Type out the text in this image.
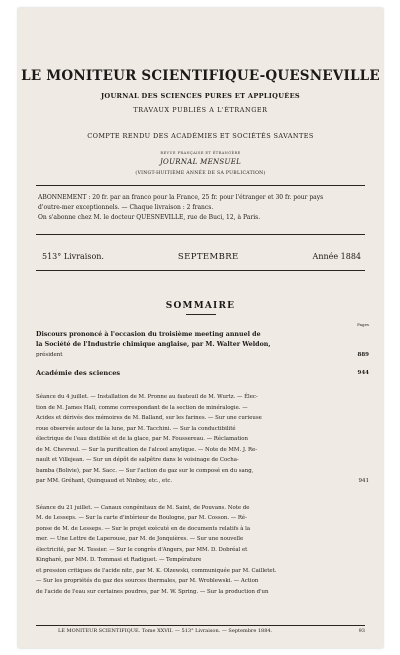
LE MONITEUR SCIENTIFIQUE-QUESNEVILLE
JOURNAL DES SCIENCES PURES ET APPLIQUÉES
TRAVAUX PUBLIÉS A L'ÉTRANGER
COMPTE RENDU DES ACADÉMIES ET SOCIÉTÉS SAVANTES
REVUE FRANÇAISE ET ÉTRANGÈRE
JOURNAL MENSUEL
(VINGT-HUITIÈME ANNÉE DE SA PUBLICATION)

ABONNEMENT : 20 fr. par an franco pour la France, 25 fr. pour l'étranger et 30 fr. pour pays

d'outre-mer exceptionnels. — Chaque livraison : 2 francs.

On s'abonne chez M. le docteur QUESNEVILLE, rue de Buci, 12, à Paris.

513° Livraison.	SEPTEMBRE	Année 1884
SOMMAIRE
Pages

Discours prononcé à l'occasion du troisième meeting annuel de

la Société de l'Industrie chimique anglaise, par M. Walter Weldon,

président	889

Académie des sciences	944

Séance du 4 juillet. — Installation de M. Pronne au fauteuil de M. Wurtz. — Élec-

tion de M. James Hall, comme correspondant de la section de minéralogie. —

Acides et dérivés des mémoires de M. Balland, sur les farines. — Sur une curieuse

roue observée autour de la lune, par M. Tacchini. — Sur la conductibilité

électrique de l'eau distillée et de la glace, par M. Foussereau. — Réclamation

de M. Chevreul. — Sur la purification de l'alcool amylique. — Note de MM. J. Re-

nault et Villejean. — Sur un dépôt de salpêtre dans le voisinage de Cocha-

bamba (Bolivie), par M. Sacc. — Sur l'action du gaz sur le composé en du sang,

par MM. Gréhant, Quinquaud et Ninboy, etc., etc.	941

Séance du 21 juillet. — Canaux congénitaux de M. Saint, de Pouvans. Note de

M. de Lesseps. — Sur la carte d'intérieur de Boulogne, par M. Cosson. — Ré-

ponse de M. de Lesseps. — Sur le projet exécuté en de documents relatifs à la

mer. — Une Lettre de Laperouse, par M. de Jonquières. — Sur une nouvelle

électricité, par M. Tessier. — Sur le congrès d'Angers, par MM. D. Dobréal et

Kingharé, par MM. D. Tommasi et Radiguet. — Température

et pression critiques de l'acide nitr., par M. K. Olzewski, communiquée par M. Cailletet.

— Sur les propriétés du gaz des sources thermales, par M. Wroblewski. — Action

de l'acide de l'eau sur certaines poudres, par M. W. Spring. — Sur la production d'un

LE MONITEUR SCIENTIFIQUE. Tome XXVII. — 513° Livraison. — Septembre 1884.	93
